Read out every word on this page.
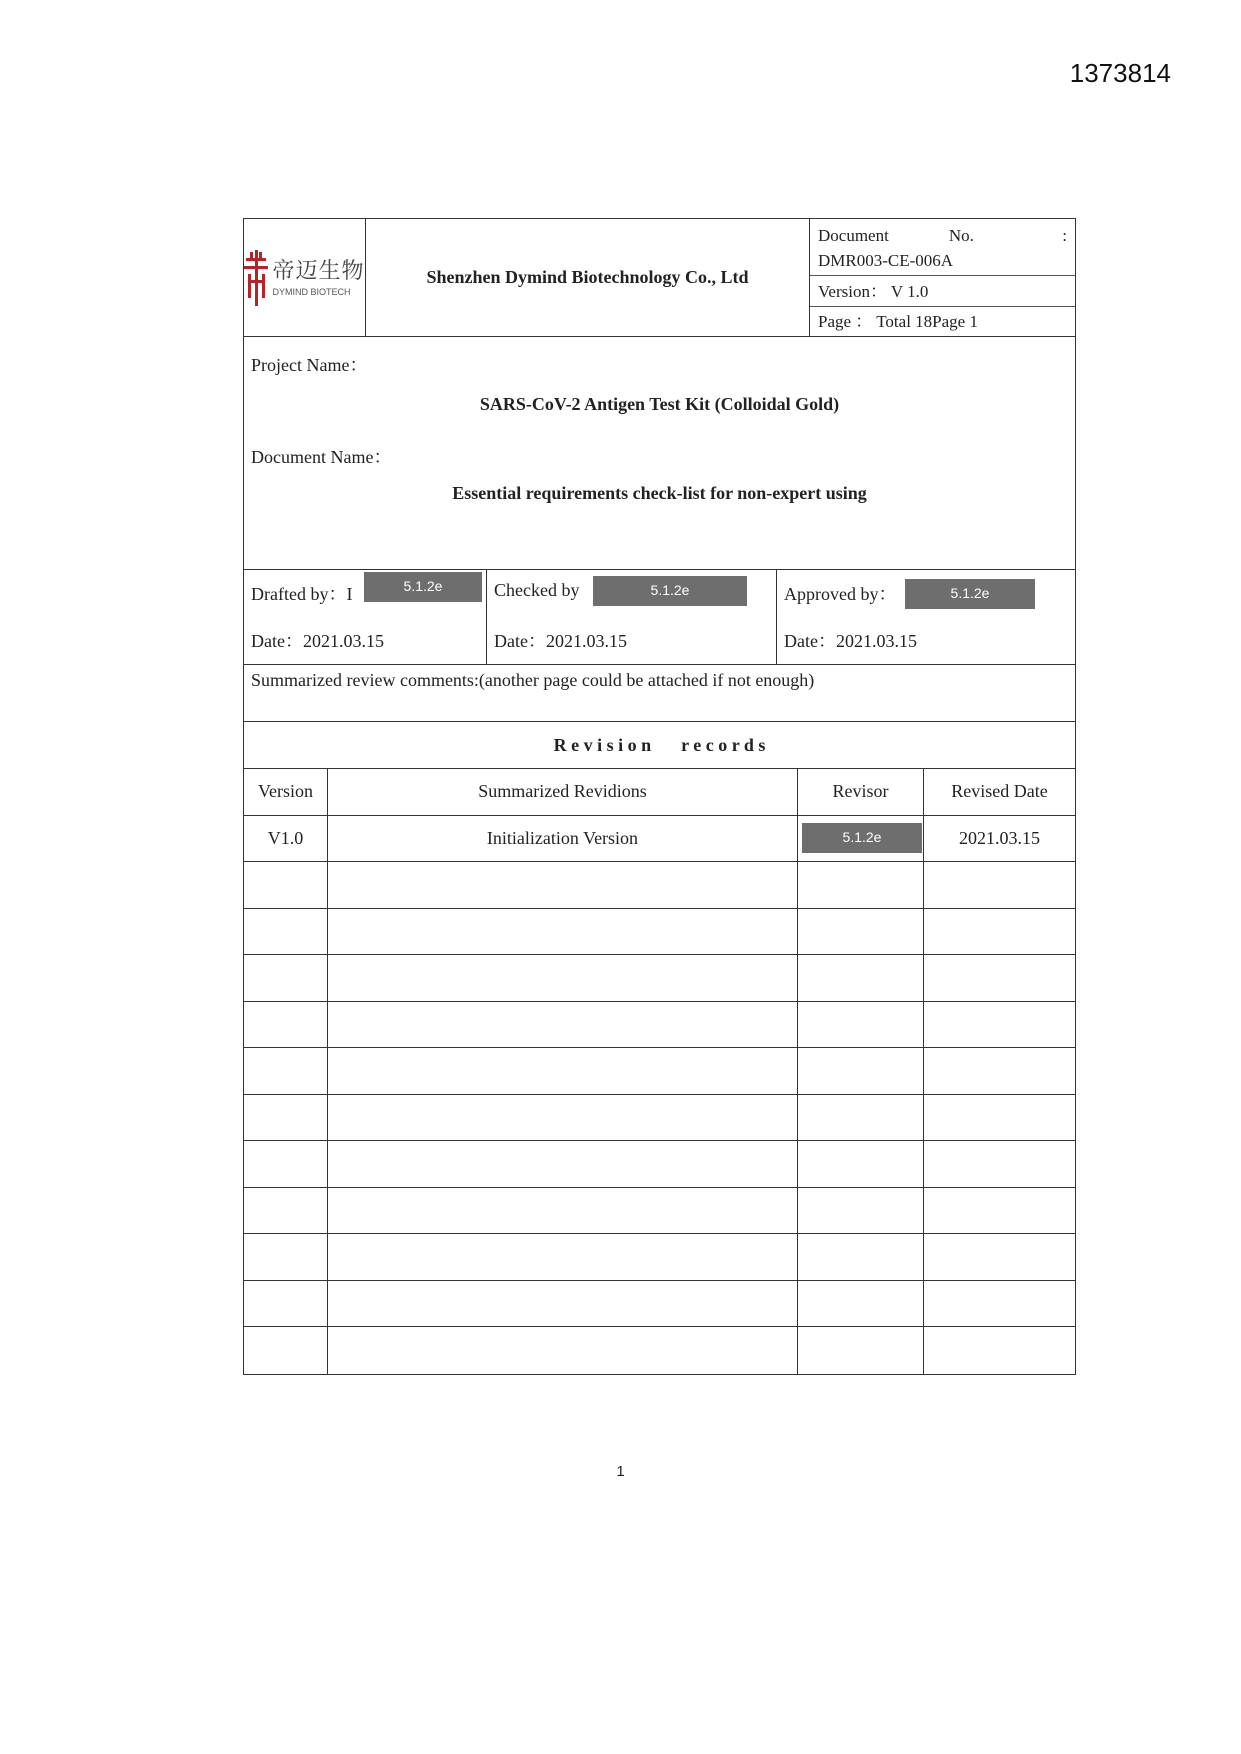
1373814
帝迈生物
DYMIND BIOTECH
Shenzhen Dymind Biotechnology Co., Ltd
Document	No.	:
DMR003-CE-006A
Version： V 1.0
Page ： Total 18Page 1
Project Name：
SARS-CoV-2 Antigen Test Kit (Colloidal Gold)
Document Name：
Essential requirements check-list for non-expert using
Drafted by：I	5.1.2e
Date：2021.03.15
Checked by	5.1.2e
Date：2021.03.15
Approved by：	5.1.2e
Date：2021.03.15
Summarized review comments:(another page could be attached if not enough)
R e v i s i o n r e c o r d s
Version	Summarized Revidions	Revisor	Revised Date
V1.0	Initialization Version	5.1.2e	2021.03.15
1
